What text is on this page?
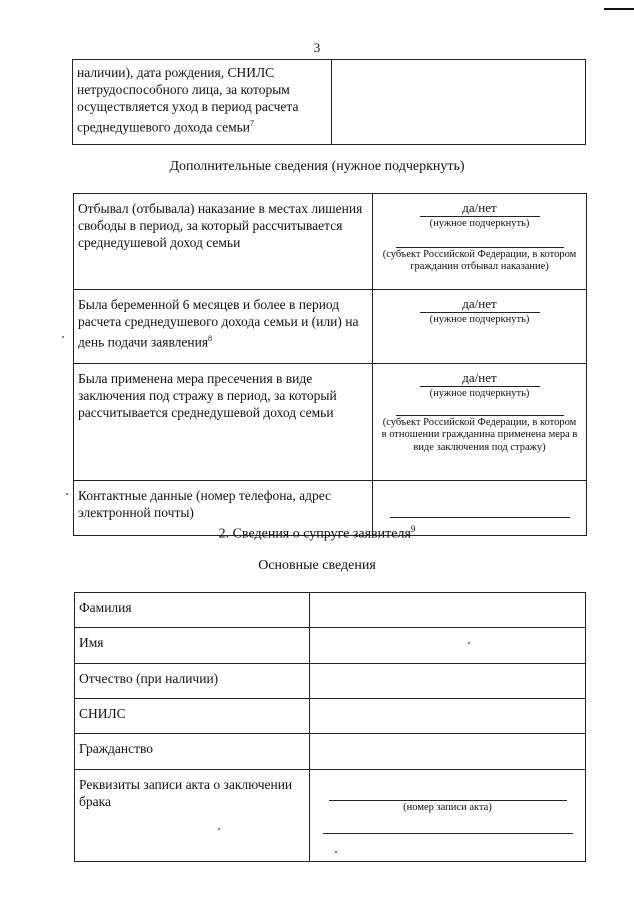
3
наличии), дата рождения, СНИЛС нетрудоспособного лица, за которым осуществляется уход в период расчета среднедушевого дохода семьи$^7$	
Дополнительные сведения (нужное подчеркнуть)
Отбывал (отбывала) наказание в местах лишения свободы в период, за который рассчитывается среднедушевой доход семьи	да/нет
(нужное подчеркнуть)
(субъект Российской Федерации, в котором гражданин отбывал наказание)

Была беременной 6 месяцев и более в период расчета среднедушевого дохода семьи и (или) на день подачи заявления$^8$	да/нет
(нужное подчеркнуть)

Была применена мера пресечения в виде заключения под стражу в период, за который рассчитывается среднедушевой доход семьи	да/нет
(нужное подчеркнуть)
(субъект Российской Федерации, в котором в отношении гражданина применена мера в виде заключения под стражу)

Контактные данные (номер телефона, адрес электронной почты)	
2. Сведения о супруге заявителя$^9$
Основные сведения
Фамилия	
Имя	

Отчество (при наличии)	
СНИЛС	
Гражданство	
Реквизиты записи акта о заключении брака	(номер записи акта)
